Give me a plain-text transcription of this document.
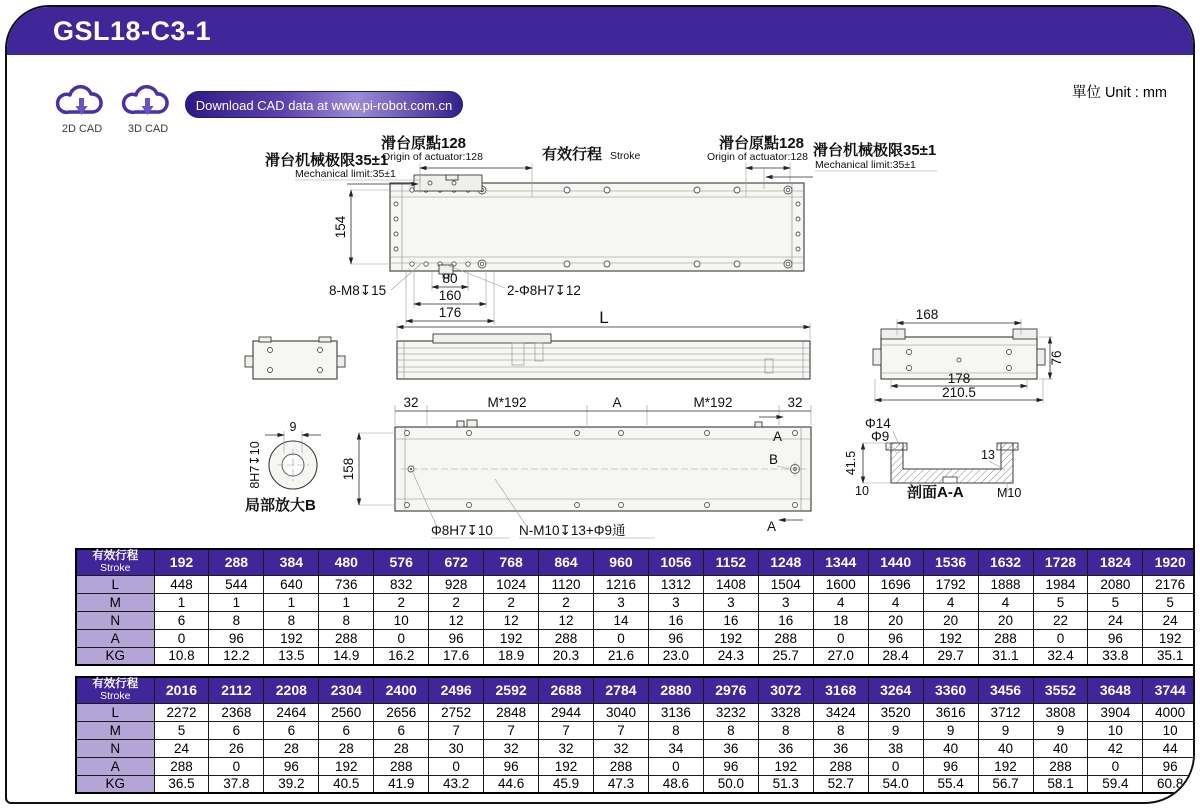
GSL18-C3-1
單位 Unit : mm
2D CAD	3D CAD
Download CAD data at www.pi-robot.com.cn
滑台机械极限35±1
Mechanical limit:35±1
滑台原點128
Origin of actuator:128	有效行程 Stroke
滑台原點128
Origin of actuator:128 滑台机械极限35±1
Mechanical limit:35±1
154
80
160
176
8-M8↧15	2-Φ8H7↧12
L	168
76
178
210.5
32	M*192	A	M*192	32
158
A
B
A
Φ8H7↧10 N-M10↧13+Φ9通
9
8H7↧10
局部放大B
Φ14
Φ9
41.5
10
13
剖面A-A	M10
有效行程
Stroke	192	288	384	480	576	672	768	864	960	1056	1152	1248	1344	1440	1536	1632	1728	1824	1920
L	448	544	640	736	832	928	1024	1120	1216	1312	1408	1504	1600	1696	1792	1888	1984	2080	2176
M	1	1	1	1	2	2	2	2	3	3	3	3	4	4	4	4	5	5	5
N	6	8	8	8	10	12	12	12	14	16	16	16	18	20	20	20	22	24	24
A	0	96	192	288	0	96	192	288	0	96	192	288	0	96	192	288	0	96	192
KG	10.8	12.2	13.5	14.9	16.2	17.6	18.9	20.3	21.6	23.0	24.3	25.7	27.0	28.4	29.7	31.1	32.4	33.8	35.1
有效行程
Stroke	2016	2112	2208	2304	2400	2496	2592	2688	2784	2880	2976	3072	3168	3264	3360	3456	3552	3648	3744
L	2272	2368	2464	2560	2656	2752	2848	2944	3040	3136	3232	3328	3424	3520	3616	3712	3808	3904	4000
M	5	6	6	6	6	7	7	7	7	8	8	8	8	9	9	9	9	10	10
N	24	26	28	28	28	30	32	32	32	34	36	36	36	38	40	40	40	42	44
A	288	0	96	192	288	0	96	192	288	0	96	192	288	0	96	192	288	0	96
KG	36.5	37.8	39.2	40.5	41.9	43.2	44.6	45.9	47.3	48.6	50.0	51.3	52.7	54.0	55.4	56.7	58.1	59.4	60.8
